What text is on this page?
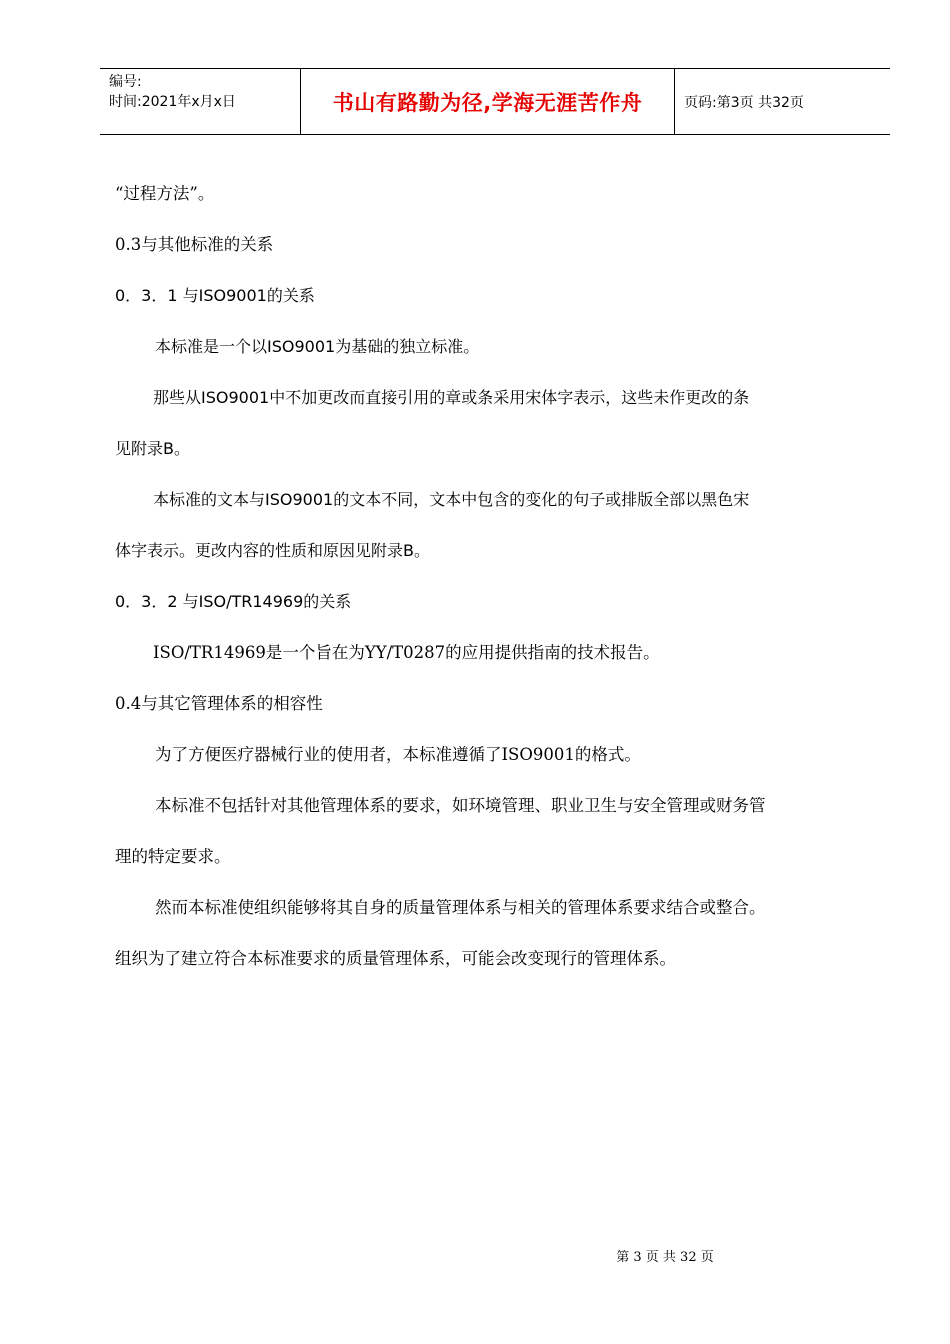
编号:
时间:2021年x月x日	书山有路勤为径,学海无涯苦作舟	页码:第3页 共32页
“过程方法”。
0.3与其他标准的关系
0．3．1 与ISO9001的关系
本标准是一个以ISO9001为基础的独立标准。
那些从ISO9001中不加更改而直接引用的章或条采用宋体字表示，这些未作更改的条
见附录B。
本标准的文本与ISO9001的文本不同，文本中包含的变化的句子或排版全部以黑色宋
体字表示。更改内容的性质和原因见附录B。
0．3．2 与ISO/TR14969的关系
ISO/TR14969是一个旨在为YY/T0287的应用提供指南的技术报告。
0.4与其它管理体系的相容性
为了方便医疗器械行业的使用者，本标准遵循了ISO9001的格式。
本标准不包括针对其他管理体系的要求，如环境管理、职业卫生与安全管理或财务管
理的特定要求。
然而本标准使组织能够将其自身的质量管理体系与相关的管理体系要求结合或整合。
组织为了建立符合本标准要求的质量管理体系，可能会改变现行的管理体系。
第 3 页 共 32 页
